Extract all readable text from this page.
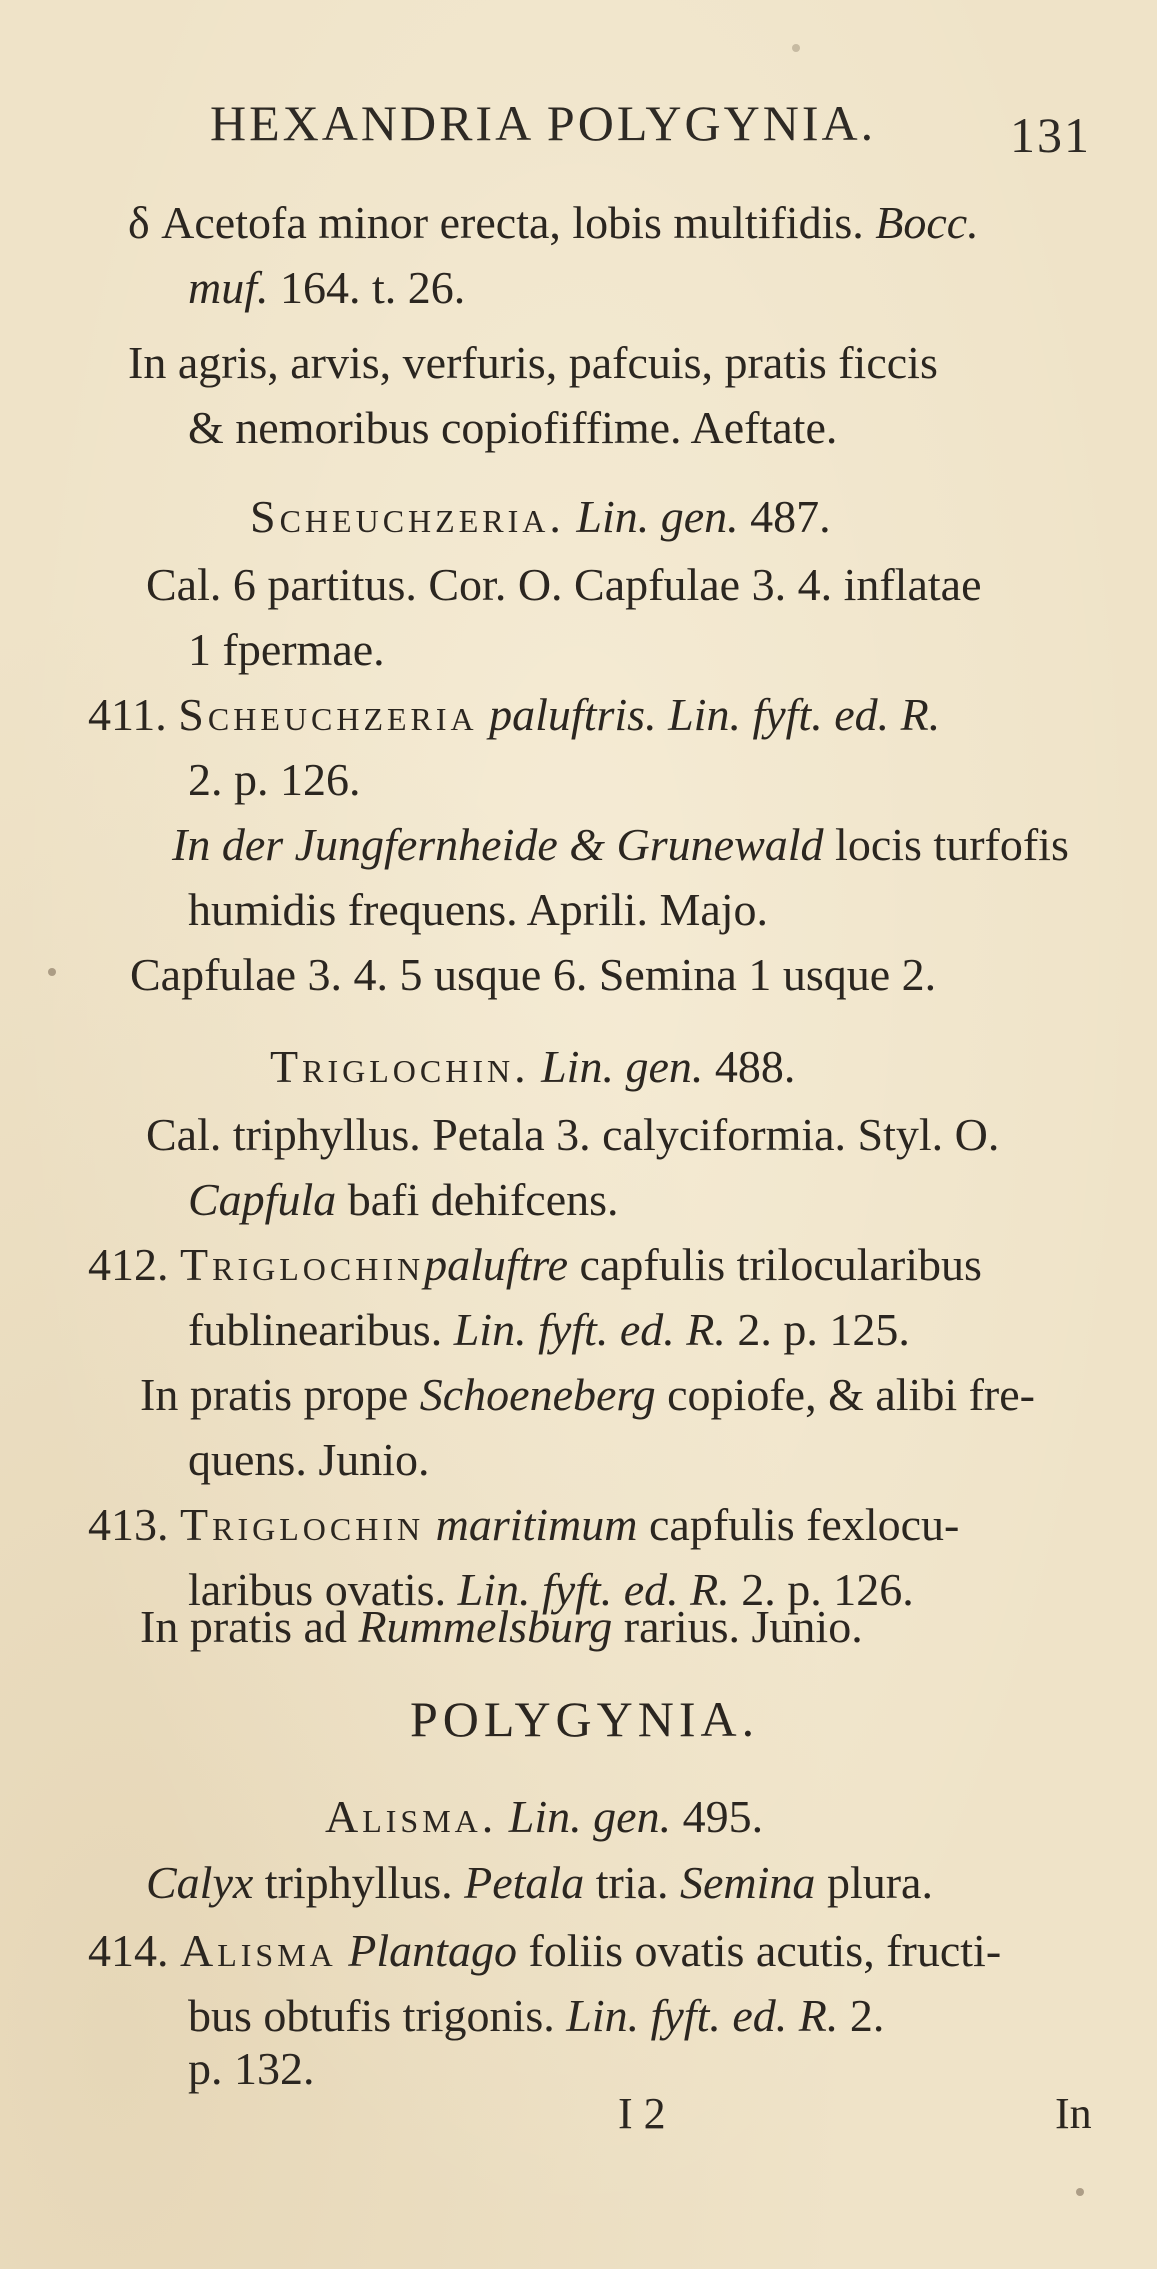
HEXANDRIA POLYGYNIA.	131
δ Acetofa minor erecta, lobis multifidis. Bocc.
muf. 164. t. 26.
In agris, arvis, verfuris, pafcuis, pratis ficcis
& nemoribus copiofiffime. Aeftate.
Scheuchzeria. Lin. gen. 487.
Cal. 6 partitus. Cor. O. Capfulae 3. 4. inflatae
1 fpermae.
411. Scheuchzeria paluftris. Lin. fyft. ed. R.
2. p. 126.
In der Jungfernheide & Grunewald locis turfofis
humidis frequens. Aprili. Majo.
Capfulae 3. 4. 5 usque 6. Semina 1 usque 2.
Triglochin. Lin. gen. 488.
Cal. triphyllus. Petala 3. calyciformia. Styl. O.
Capfula bafi dehifcens.
412. Triglochinpaluftre capfulis trilocularibus
fublinearibus. Lin. fyft. ed. R. 2. p. 125.
In pratis prope Schoeneberg copiofe, & alibi fre-
quens. Junio.
413. Triglochin maritimum capfulis fexlocu-
laribus ovatis. Lin. fyft. ed. R. 2. p. 126.
In pratis ad Rummelsburg rarius. Junio.
POLYGYNIA.
Alisma. Lin. gen. 495.
Calyx triphyllus. Petala tria. Semina plura.
414. Alisma Plantago foliis ovatis acutis, fructi-
bus obtufis trigonis. Lin. fyft. ed. R. 2.
p. 132.
I 2	In
